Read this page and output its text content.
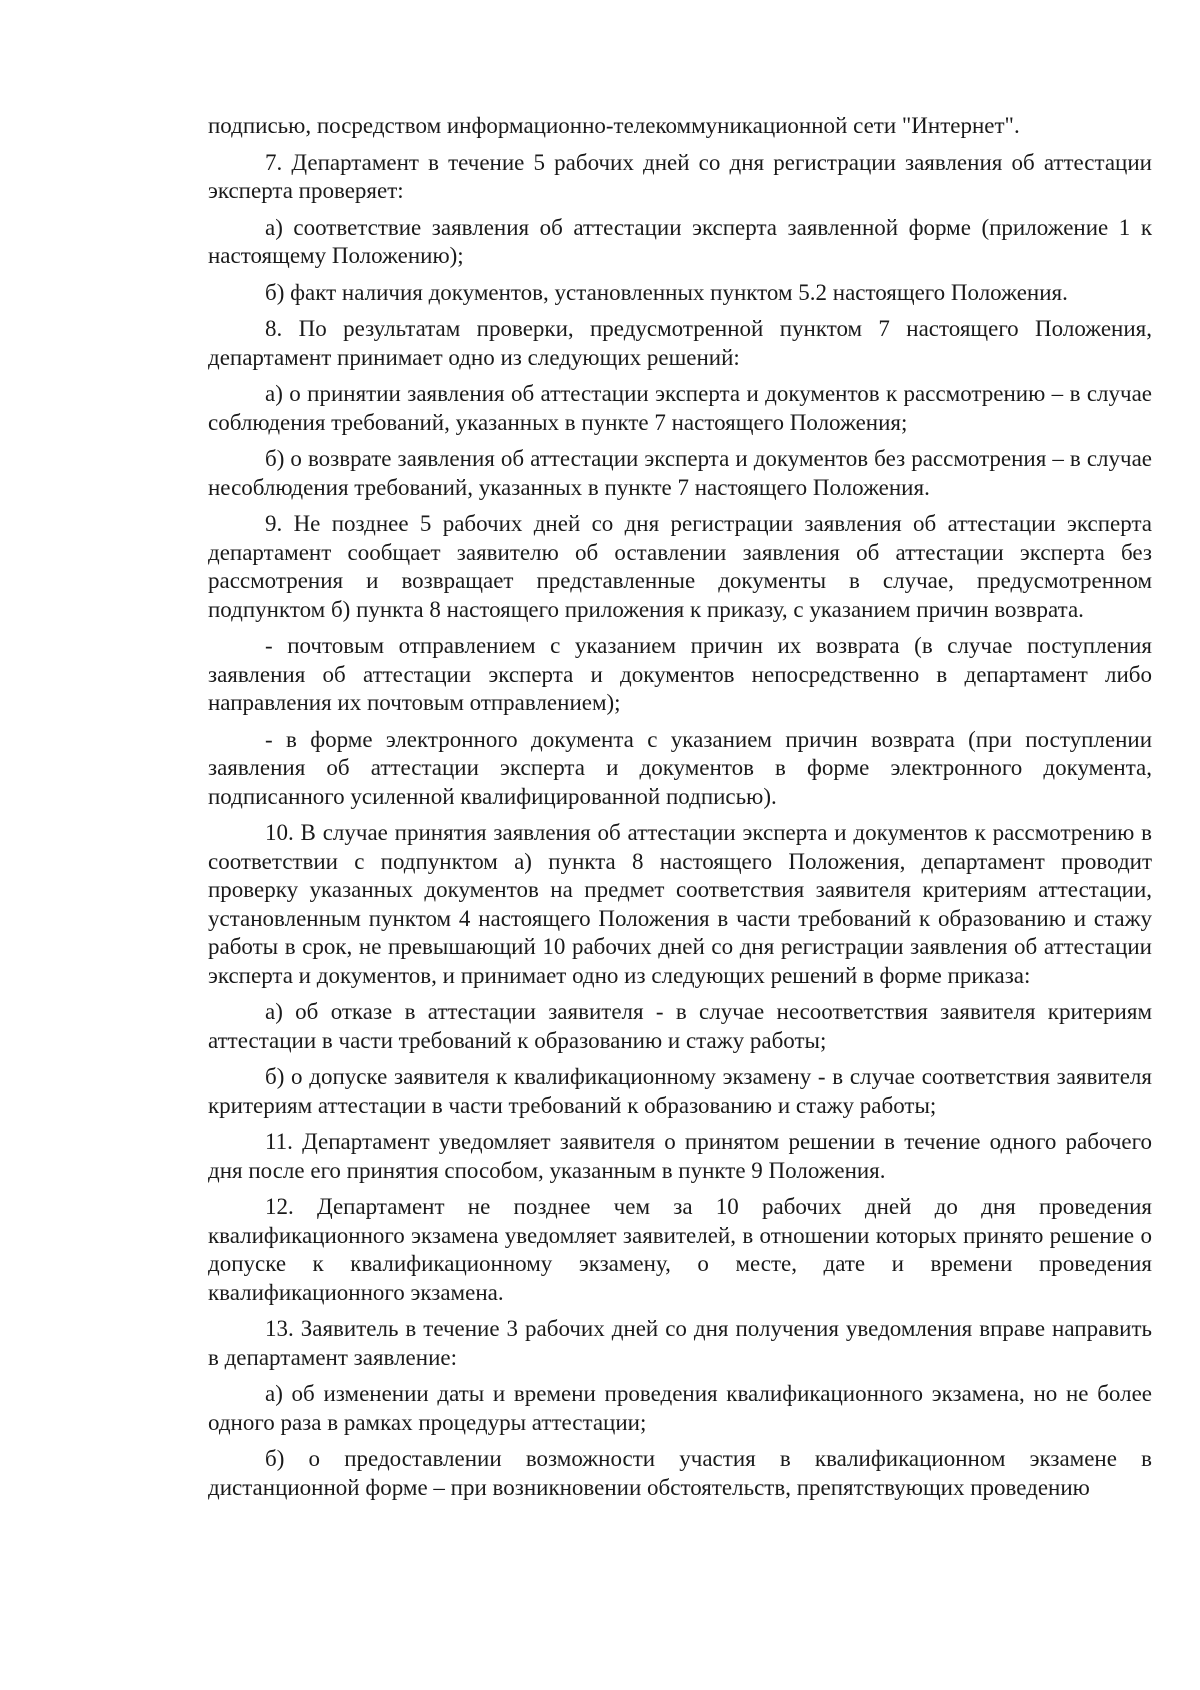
подписью, посредством информационно-телекоммуникационной сети "Интернет".

7. Департамент в течение 5 рабочих дней со дня регистрации заявления об аттестации эксперта проверяет:

а) соответствие заявления об аттестации эксперта заявленной форме (приложение 1 к настоящему Положению);

б) факт наличия документов, установленных пунктом 5.2 настоящего Положения.

8. По результатам проверки, предусмотренной пунктом 7 настоящего Положения, департамент принимает одно из следующих решений:

а) о принятии заявления об аттестации эксперта и документов к рассмотрению – в случае соблюдения требований, указанных в пункте 7 настоящего Положения;

б) о возврате заявления об аттестации эксперта и документов без рассмотрения – в случае несоблюдения требований, указанных в пункте 7 настоящего Положения.

9. Не позднее 5 рабочих дней со дня регистрации заявления об аттестации эксперта департамент сообщает заявителю об оставлении заявления об аттестации эксперта без рассмотрения и возвращает представленные документы в случае, предусмотренном подпунктом б) пункта 8 настоящего приложения к приказу, с указанием причин возврата.

- почтовым отправлением с указанием причин их возврата (в случае поступления заявления об аттестации эксперта и документов непосредственно в департамент либо направления их почтовым отправлением);

- в форме электронного документа с указанием причин возврата (при поступлении заявления об аттестации эксперта и документов в форме электронного документа, подписанного усиленной квалифицированной подписью).

10. В случае принятия заявления об аттестации эксперта и документов к рассмотрению в соответствии с подпунктом а) пункта 8 настоящего Положения, департамент проводит проверку указанных документов на предмет соответствия заявителя критериям аттестации, установленным пунктом 4 настоящего Положения в части требований к образованию и стажу работы в срок, не превышающий 10 рабочих дней со дня регистрации заявления об аттестации эксперта и документов, и принимает одно из следующих решений в форме приказа:

а) об отказе в аттестации заявителя - в случае несоответствия заявителя критериям аттестации в части требований к образованию и стажу работы;

б) о допуске заявителя к квалификационному экзамену - в случае соответствия заявителя критериям аттестации в части требований к образованию и стажу работы;

11. Департамент уведомляет заявителя о принятом решении в течение одного рабочего дня после его принятия способом, указанным в пункте 9 Положения.

12. Департамент не позднее чем за 10 рабочих дней до дня проведения квалификационного экзамена уведомляет заявителей, в отношении которых принято решение о допуске к квалификационному экзамену, о месте, дате и времени проведения квалификационного экзамена.

13. Заявитель в течение 3 рабочих дней со дня получения уведомления вправе направить в департамент заявление:

а) об изменении даты и времени проведения квалификационного экзамена, но не более одного раза в рамках процедуры аттестации;

б) о предоставлении возможности участия в квалификационном экзамене в дистанционной форме – при возникновении обстоятельств, препятствующих проведению
